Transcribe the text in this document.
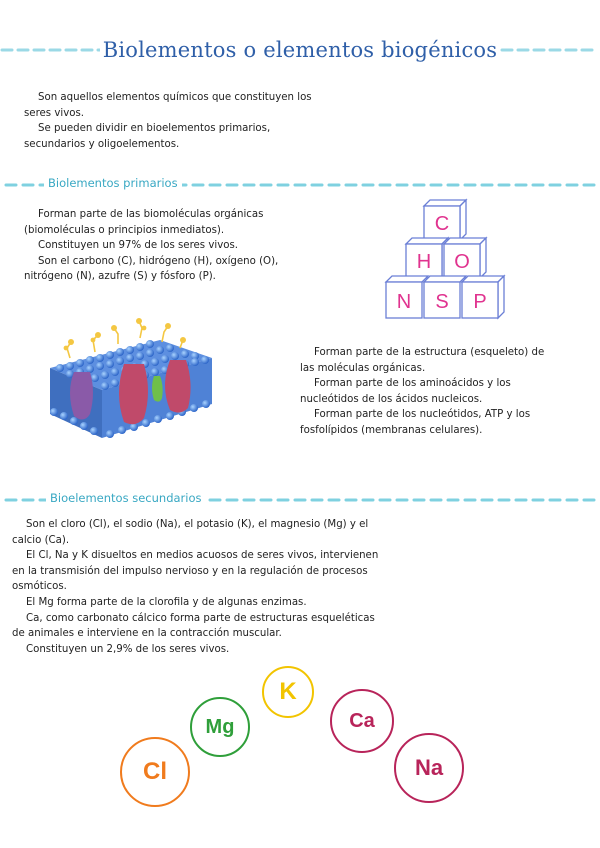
Biolementos o elementos biogénicos

Son aquellos elementos químicos que constituyen los

seres vivos.

Se pueden dividir en bioelementos primarios,

secundarios y oligoelementos.

Biolementos primarios

Forman parte de las biomoléculas orgánicas

(biomoléculas o principios inmediatos).

Constituyen un 97% de los seres vivos.

Son el carbono (C), hidrógeno (H), oxígeno (O),

nitrógeno (N), azufre (S) y fósforo (P).

C
H O
N S P

Forman parte de la estructura (esqueleto) de

las moléculas orgánicas.

Forman parte de los aminoácidos y los

nucleótidos de los ácidos nucleicos.

Forman parte de los nucleótidos, ATP y los

fosfolípidos (membranas celulares).

Bioelementos secundarios

Son el cloro (Cl), el sodio (Na), el potasio (K), el magnesio (Mg) y el

calcio (Ca).

El Cl, Na y K disueltos en medios acuosos de seres vivos, intervienen

en la transmisión del impulso nervioso y en la regulación de procesos

osmóticos.

El Mg forma parte de la clorofila y de algunas enzimas.

Ca, como carbonato cálcico forma parte de estructuras esqueléticas

de animales e interviene en la contracción muscular.

Constituyen un 2,9% de los seres vivos.

K
Mg	Ca
Cl	Na
